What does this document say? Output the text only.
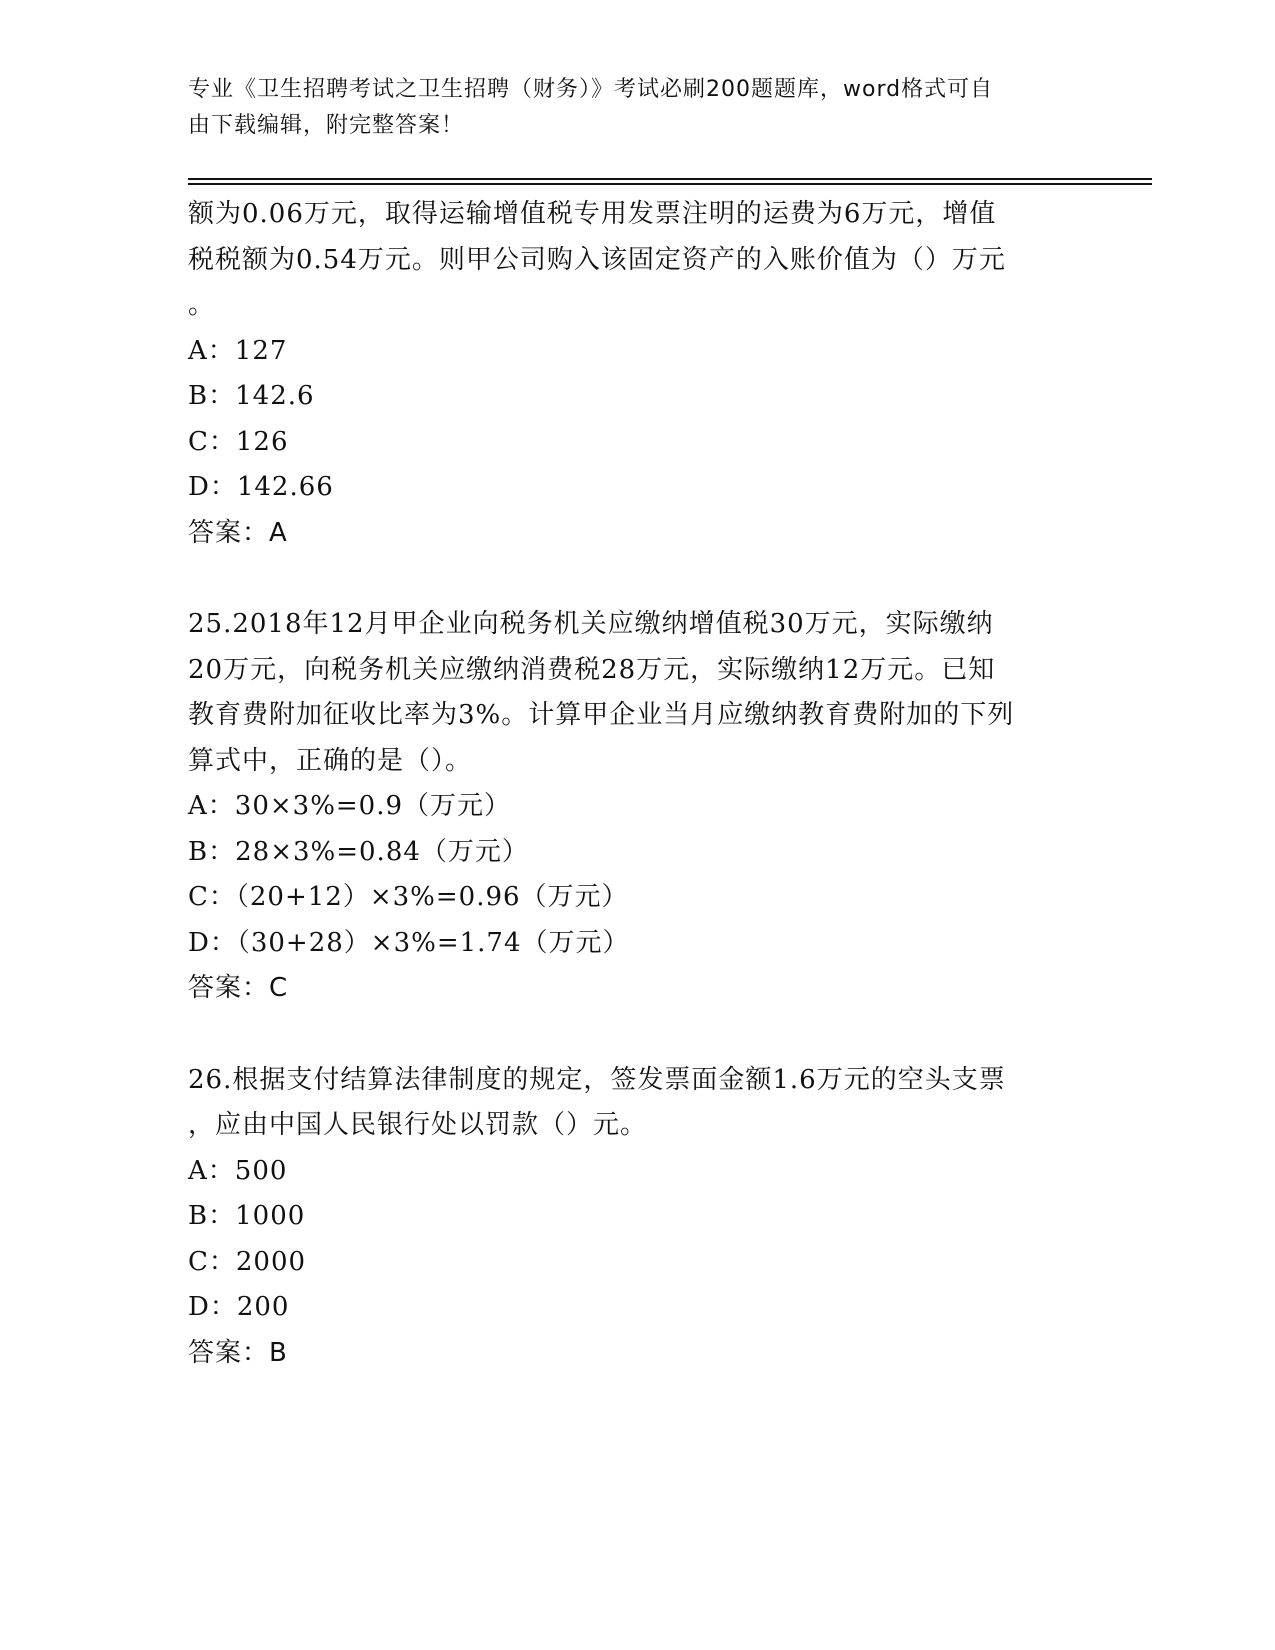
专业《卫生招聘考试之卫生招聘（财务）》考试必刷200题题库，word格式可自
由下载编辑，附完整答案！
额为0.06万元，取得运输增值税专用发票注明的运费为6万元，增值
税税额为0.54万元。则甲公司购入该固定资产的入账价值为（）万元
。
A：127
B：142.6
C：126
D：142.66
答案：A
25.2018年12月甲企业向税务机关应缴纳增值税30万元，实际缴纳
20万元，向税务机关应缴纳消费税28万元，实际缴纳12万元。已知
教育费附加征收比率为3%。计算甲企业当月应缴纳教育费附加的下列
算式中，正确的是（）。
A：30×3%=0.9（万元）
B：28×3%=0.84（万元）
C：（20+12）×3%=0.96（万元）
D：（30+28）×3%=1.74（万元）
答案：C
26.根据支付结算法律制度的规定，签发票面金额1.6万元的空头支票
，应由中国人民银行处以罚款（）元。
A：500
B：1000
C：2000
D：200
答案：B
